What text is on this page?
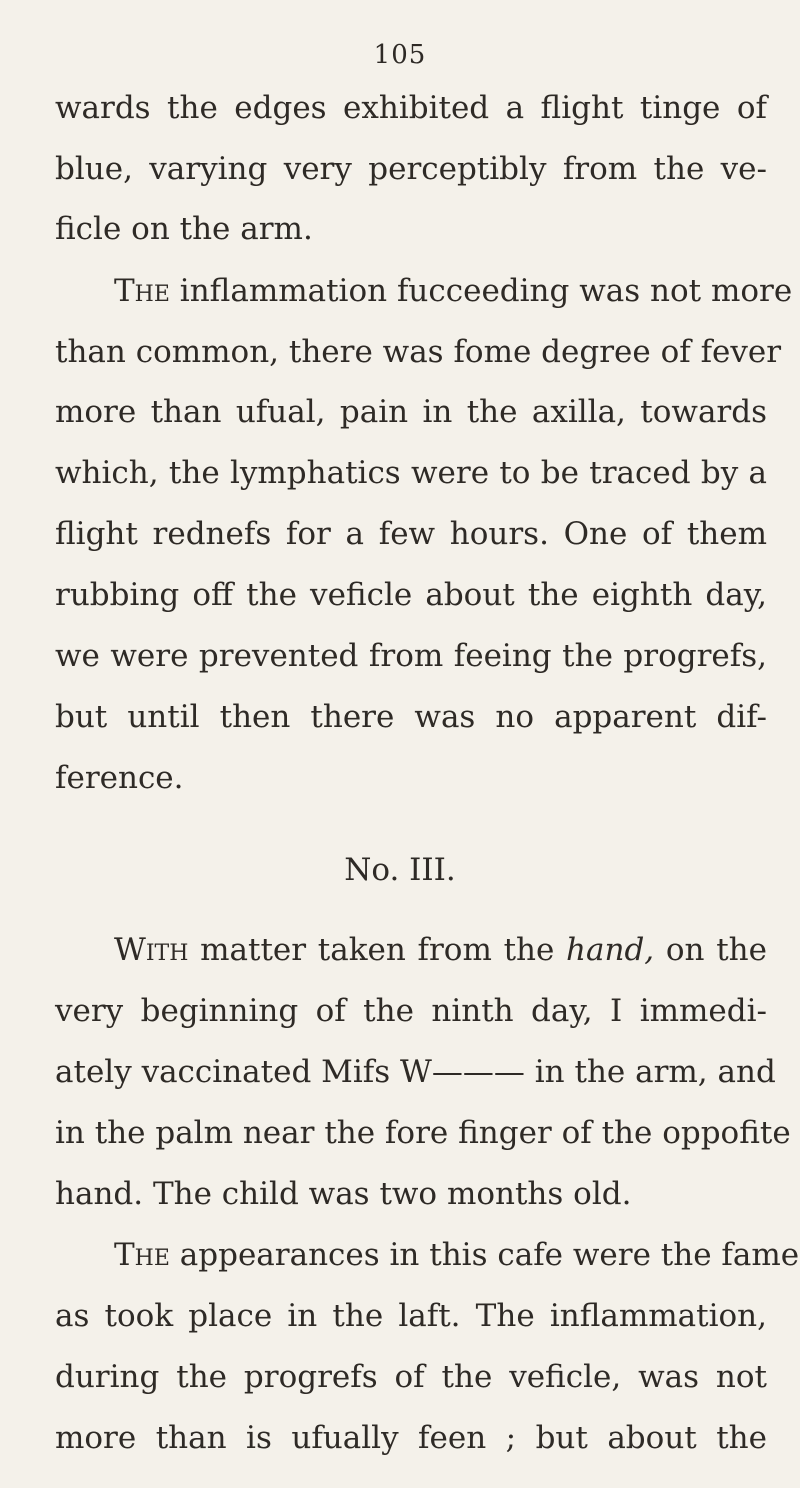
105
wards the edges exhibited a flight tinge of
blue, varying very perceptibly from the ve-
ficle on the arm.
The inflammation fucceeding was not more
than common, there was fome degree of fever
more than ufual, pain in the axilla, towards
which, the lymphatics were to be traced by a
flight rednefs for a few hours. One of them
rubbing off the veficle about the eighth day,
we were prevented from feeing the progrefs,
but until then there was no apparent dif-
ference.
No. III.
With matter taken from the hand, on the
very beginning of the ninth day, I immedi-
ately vaccinated Mifs W——— in the arm, and
in the palm near the fore finger of the oppofite
hand. The child was two months old.
The appearances in this cafe were the fame
as took place in the laft. The inflammation,
during the progrefs of the veficle, was not
more than is ufually feen ; but about the
